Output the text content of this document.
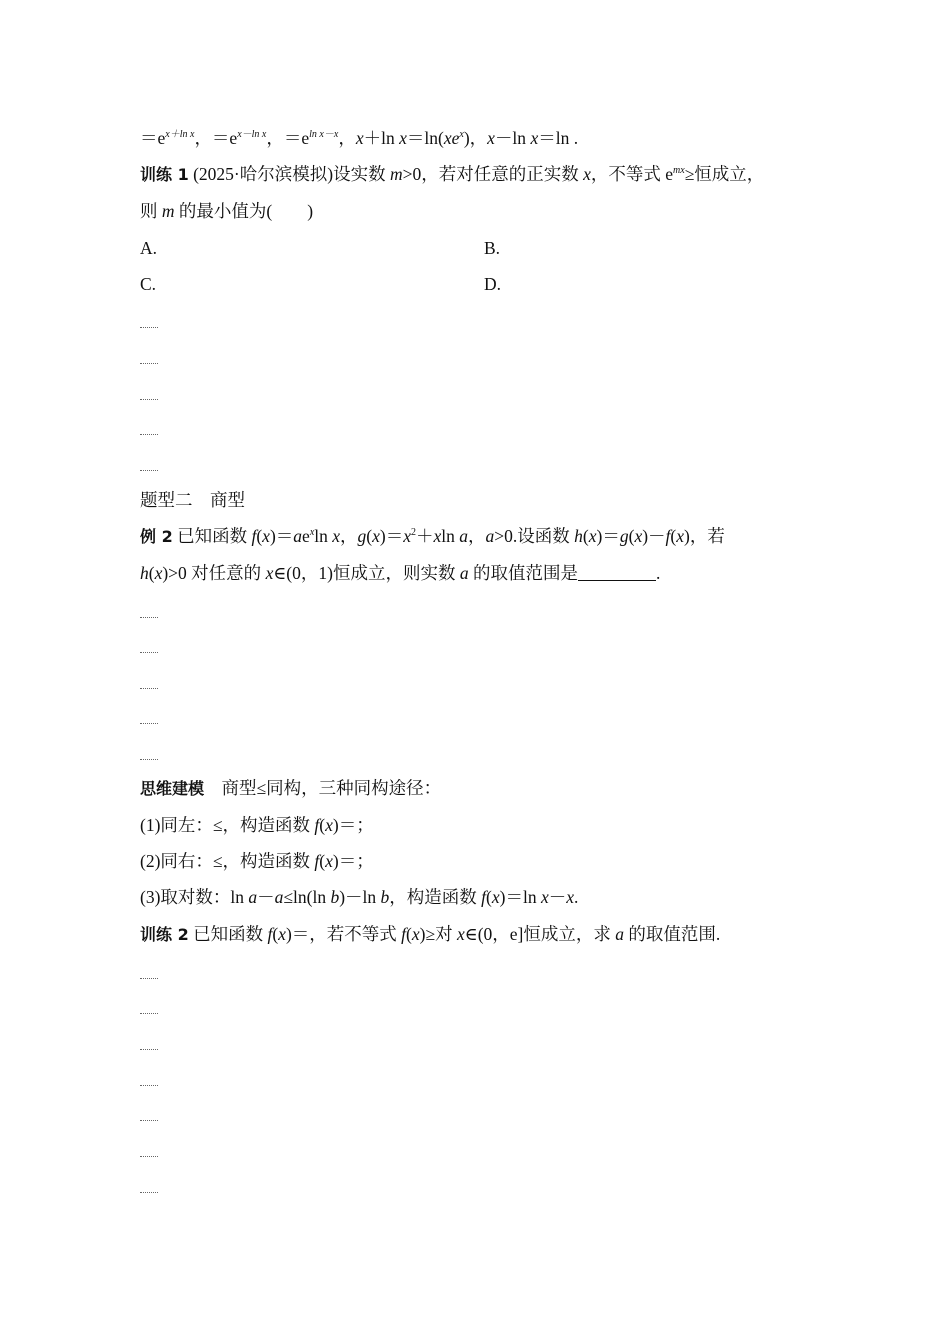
$=e^{x+ln x}$，$=e^{x-ln x}$，$=e^{ln x-x}$，x＋ln $x=\ln(xe^x)$，x－ln x＝ln .
训练 1 (2025·哈尔滨模拟)设实数 m>0，若对任意的正实数 x，不等式 $e^{mx}\ge$恒成立，
则 m 的最小值为(　　)
A.	B.
C.	D.
题型二　商型
例 2 已知函数 $f(x)=ae^x\ln$ x，$g(x)=x^2+xln$ a，a>0.设函数 h(x)＝g(x)－f(x)，若
h(x)>0 对任意的 x∈(0，1)恒成立，则实数 a 的取值范围是	.
思维建模　商型≤同构，三种同构途径：
(1)同左：≤，构造函数 f(x)＝；
(2)同右：≤，构造函数 f(x)＝；
(3)取对数：ln a－a≤ln(ln b)－ln b，构造函数 f(x)＝ln x－x.
训练 2 已知函数 f(x)＝，若不等式 f(x)≥对 x∈(0，e]恒成立，求 a 的取值范围.
